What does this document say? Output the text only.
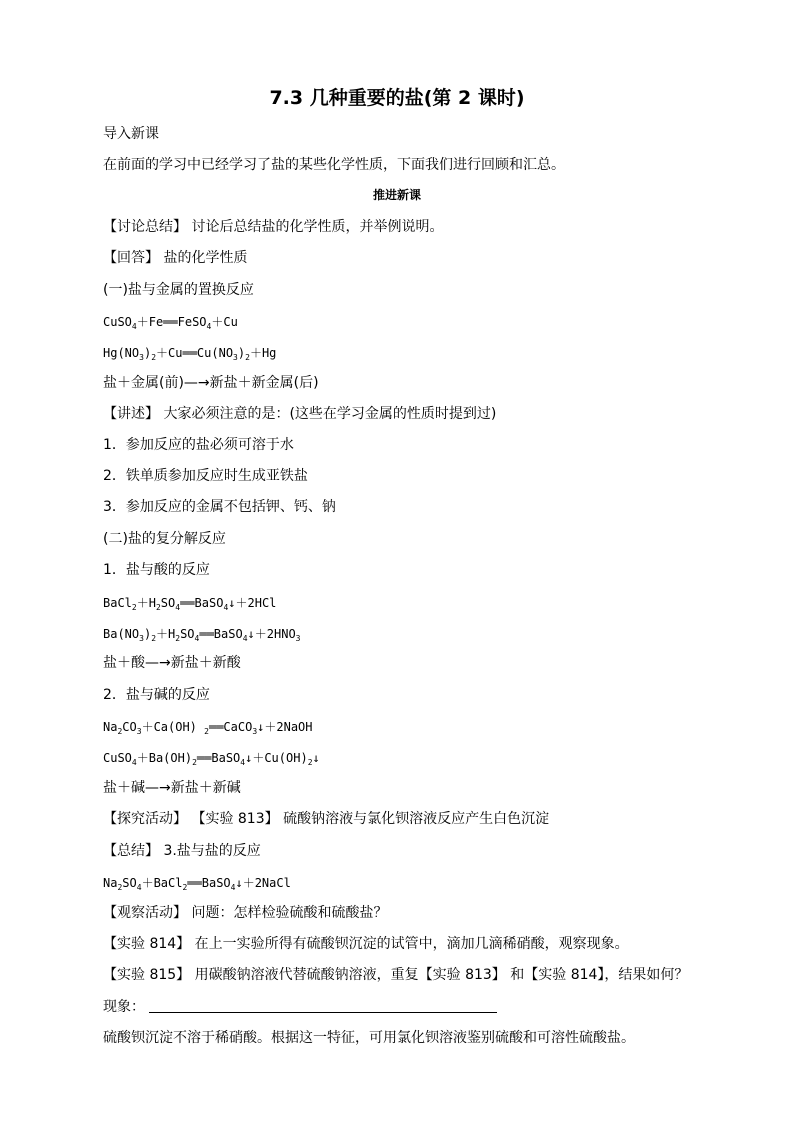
7.3 几种重要的盐(第 2 课时)
导入新课
在前面的学习中已经学习了盐的某些化学性质，下面我们进行回顾和汇总。
推进新课
【讨论总结】 讨论后总结盐的化学性质，并举例说明。
【回答】 盐的化学性质
(一)盐与金属的置换反应
CuSO$_4$＋Fe══FeSO$_4$＋Cu
$Hg(NO_3)_2+Cu══Cu(NO_3)_2+Hg$
盐＋金属(前)—→新盐＋新金属(后)
【讲述】 大家必须注意的是：(这些在学习金属的性质时提到过)
1．参加反应的盐必须可溶于水
2．铁单质参加反应时生成亚铁盐
3．参加反应的金属不包括钾、钙、钠
(二)盐的复分解反应
1．盐与酸的反应
$BaCl_2+H_2SO_4══BaSO_4↓+2HCl$
$Ba(NO_3)_2+H_2SO_4══BaSO_4↓+2HNO_3$
盐＋酸—→新盐＋新酸
2．盐与碱的反应
$Na_2CO_3+Ca(OH)$ $_2$══CaCO$_3$↓＋2NaOH
$CuSO_4+Ba(OH)_2══BaSO_4↓+Cu(OH)_2↓$
盐＋碱—→新盐＋新碱
【探究活动】 【实验 813】 硫酸钠溶液与氯化钡溶液反应产生白色沉淀
【总结】 3.盐与盐的反应
$Na_2SO_4+BaCl_2══BaSO_4↓+2NaCl$
【观察活动】 问题：怎样检验硫酸和硫酸盐？
【实验 814】 在上一实验所得有硫酸钡沉淀的试管中，滴加几滴稀硝酸，观察现象。
【实验 815】 用碳酸钠溶液代替硫酸钠溶液，重复【实验 813】 和【实验 814】，结果如何？
现象：
硫酸钡沉淀不溶于稀硝酸。根据这一特征，可用氯化钡溶液鉴别硫酸和可溶性硫酸盐。
